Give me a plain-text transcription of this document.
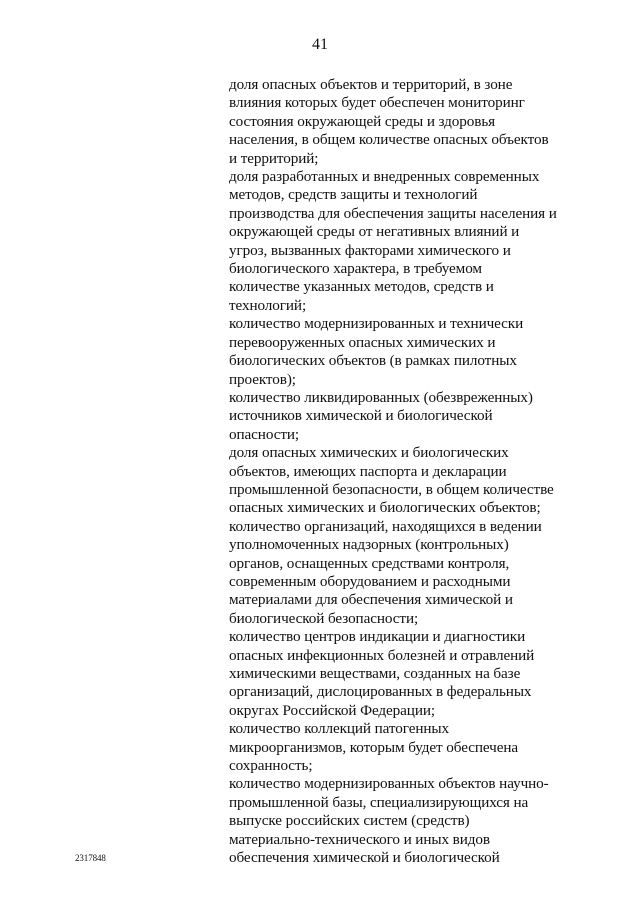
41
доля опасных объектов и территорий, в зоне
влияния которых будет обеспечен мониторинг
состояния окружающей среды и здоровья
населения, в общем количестве опасных объектов
и территорий;
доля разработанных и внедренных современных
методов, средств защиты и технологий
производства для обеспечения защиты населения и
окружающей среды от негативных влияний и
угроз, вызванных факторами химического и
биологического характера, в требуемом
количестве указанных методов, средств и
технологий;
количество модернизированных и технически
перевооруженных опасных химических и
биологических объектов (в рамках пилотных
проектов);
количество ликвидированных (обезвреженных)
источников химической и биологической
опасности;
доля опасных химических и биологических
объектов, имеющих паспорта и декларации
промышленной безопасности, в общем количестве
опасных химических и биологических объектов;
количество организаций, находящихся в ведении
уполномоченных надзорных (контрольных)
органов, оснащенных средствами контроля,
современным оборудованием и расходными
материалами для обеспечения химической и
биологической безопасности;
количество центров индикации и диагностики
опасных инфекционных болезней и отравлений
химическими веществами, созданных на базе
организаций, дислоцированных в федеральных
округах Российской Федерации;
количество коллекций патогенных
микроорганизмов, которым будет обеспечена
сохранность;
количество модернизированных объектов научно-
промышленной базы, специализирующихся на
выпуске российских систем (средств)
материально-технического и иных видов
обеспечения химической и биологической
2317848
